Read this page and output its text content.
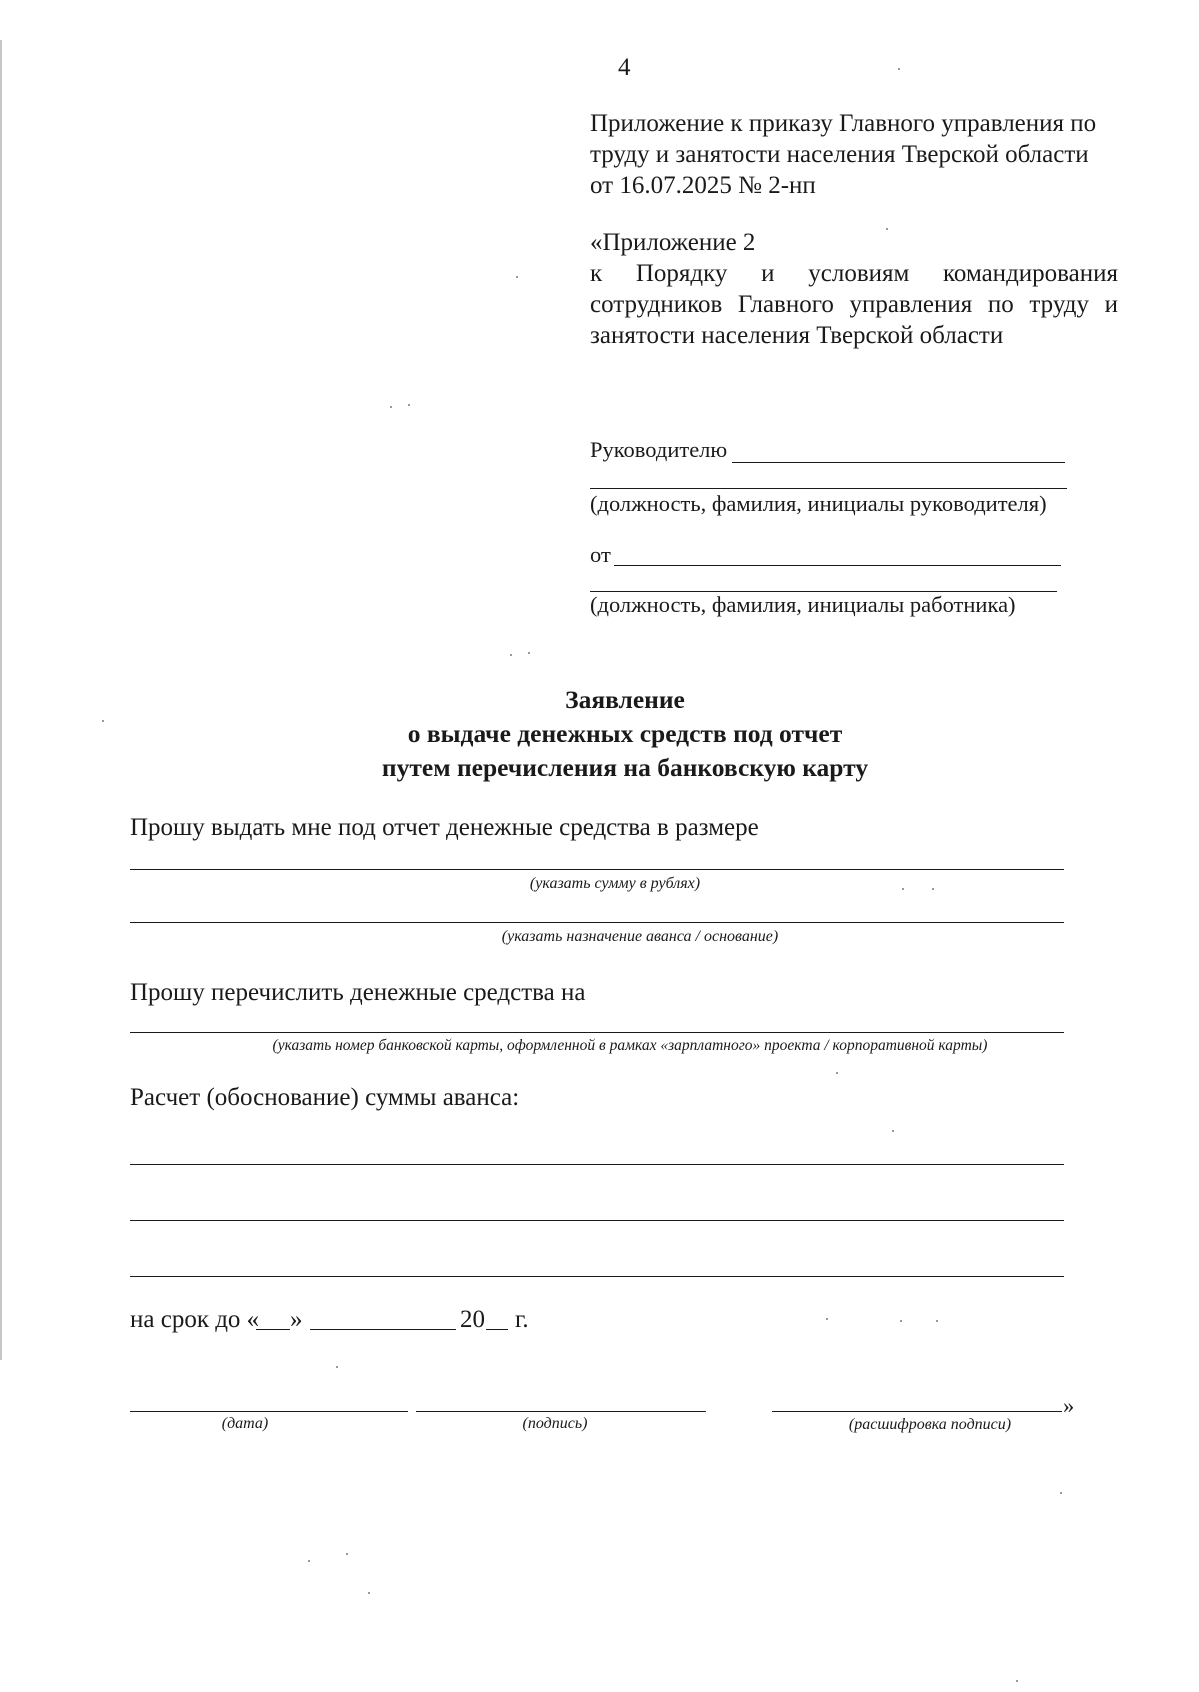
4
Приложение к приказу Главного управления по
труду и занятости населения Тверской области
от 16.07.2025 № 2-нп
«Приложение 2
к Порядку и условиям командирования
сотрудников Главного управления по труду и
занятости населения Тверской области
Руководителю
(должность, фамилия, инициалы руководителя)
от
(должность, фамилия, инициалы работника)
Заявление
о выдаче денежных средств под отчет
путем перечисления на банковскую карту
Прошу выдать мне под отчет денежные средства в размере
(указать сумму в рублях)
(указать назначение аванса / основание)
Прошу перечислить денежные средства на
(указать номер банковской карты, оформленной в рамках «зарплатного» проекта / корпоративной карты)
Расчет (обоснование) суммы аванса:
на срок до « »	20 г.
(дата)	(подпись)
»
(расшифровка подписи)
